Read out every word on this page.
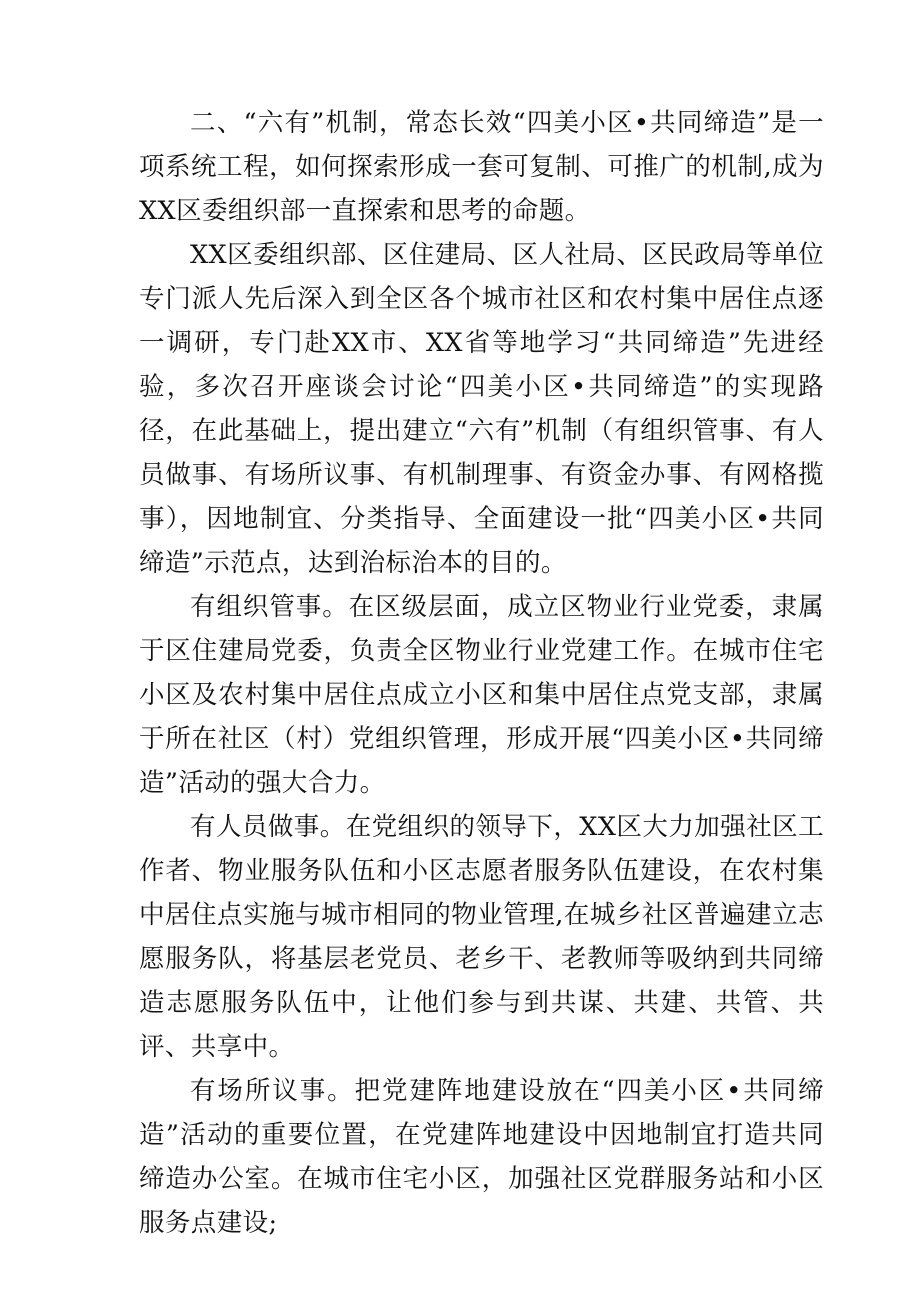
二、“六有”机制，常态长效“四美小区•共同缔造”是一项系统工程，如何探索形成一套可复制、可推广的机制,成为XX区委组织部一直探索和思考的命题。

XX区委组织部、区住建局、区人社局、区民政局等单位专门派人先后深入到全区各个城市社区和农村集中居住点逐一调研，专门赴XX市、XX省等地学习“共同缔造”先进经验，多次召开座谈会讨论“四美小区•共同缔造”的实现路径，在此基础上，提出建立“六有”机制（有组织管事、有人员做事、有场所议事、有机制理事、有资金办事、有网格揽事），因地制宜、分类指导、全面建设一批“四美小区•共同缔造”示范点，达到治标治本的目的。

有组织管事。在区级层面，成立区物业行业党委，隶属于区住建局党委，负责全区物业行业党建工作。在城市住宅小区及农村集中居住点成立小区和集中居住点党支部，隶属于所在社区（村）党组织管理，形成开展“四美小区•共同缔造”活动的强大合力。

有人员做事。在党组织的领导下，XX区大力加强社区工作者、物业服务队伍和小区志愿者服务队伍建设，在农村集中居住点实施与城市相同的物业管理,在城乡社区普遍建立志愿服务队，将基层老党员、老乡干、老教师等吸纳到共同缔造志愿服务队伍中，让他们参与到共谋、共建、共管、共评、共享中。

有场所议事。把党建阵地建设放在“四美小区•共同缔造”活动的重要位置，在党建阵地建设中因地制宜打造共同缔造办公室。在城市住宅小区，加强社区党群服务站和小区服务点建设;
